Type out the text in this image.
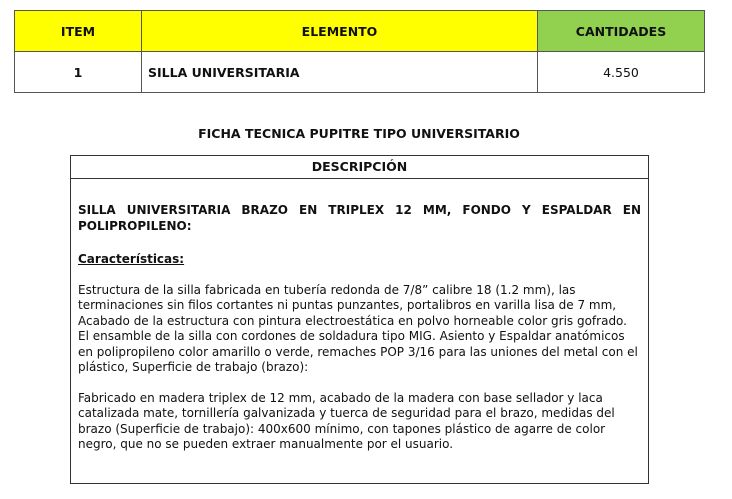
ITEM	ELEMENTO	CANTIDADES
1	SILLA UNIVERSITARIA	4.550
FICHA TECNICA PUPITRE TIPO UNIVERSITARIO
DESCRIPCIÓN
SILLA UNIVERSITARIA BRAZO EN TRIPLEX 12 MM, FONDO Y ESPALDAR EN POLIPROPILENO:
Características:
Estructura de la silla fabricada en tubería redonda de 7/8” calibre 18 (1.2 mm), las terminaciones sin filos cortantes ni puntas punzantes, portalibros en varilla lisa de 7 mm, Acabado de la estructura con pintura electroestática en polvo horneable color gris gofrado. El ensamble de la silla con cordones de soldadura tipo MIG. Asiento y Espaldar anatómicos en polipropileno color amarillo o verde, remaches POP 3/16 para las uniones del metal con el plástico, Superficie de trabajo (brazo):
Fabricado en madera triplex de 12 mm, acabado de la madera con base sellador y laca catalizada mate, tornillería galvanizada y tuerca de seguridad para el brazo, medidas del brazo (Superficie de trabajo): 400x600 mínimo, con tapones plástico de agarre de color negro, que no se pueden extraer manualmente por el usuario.
